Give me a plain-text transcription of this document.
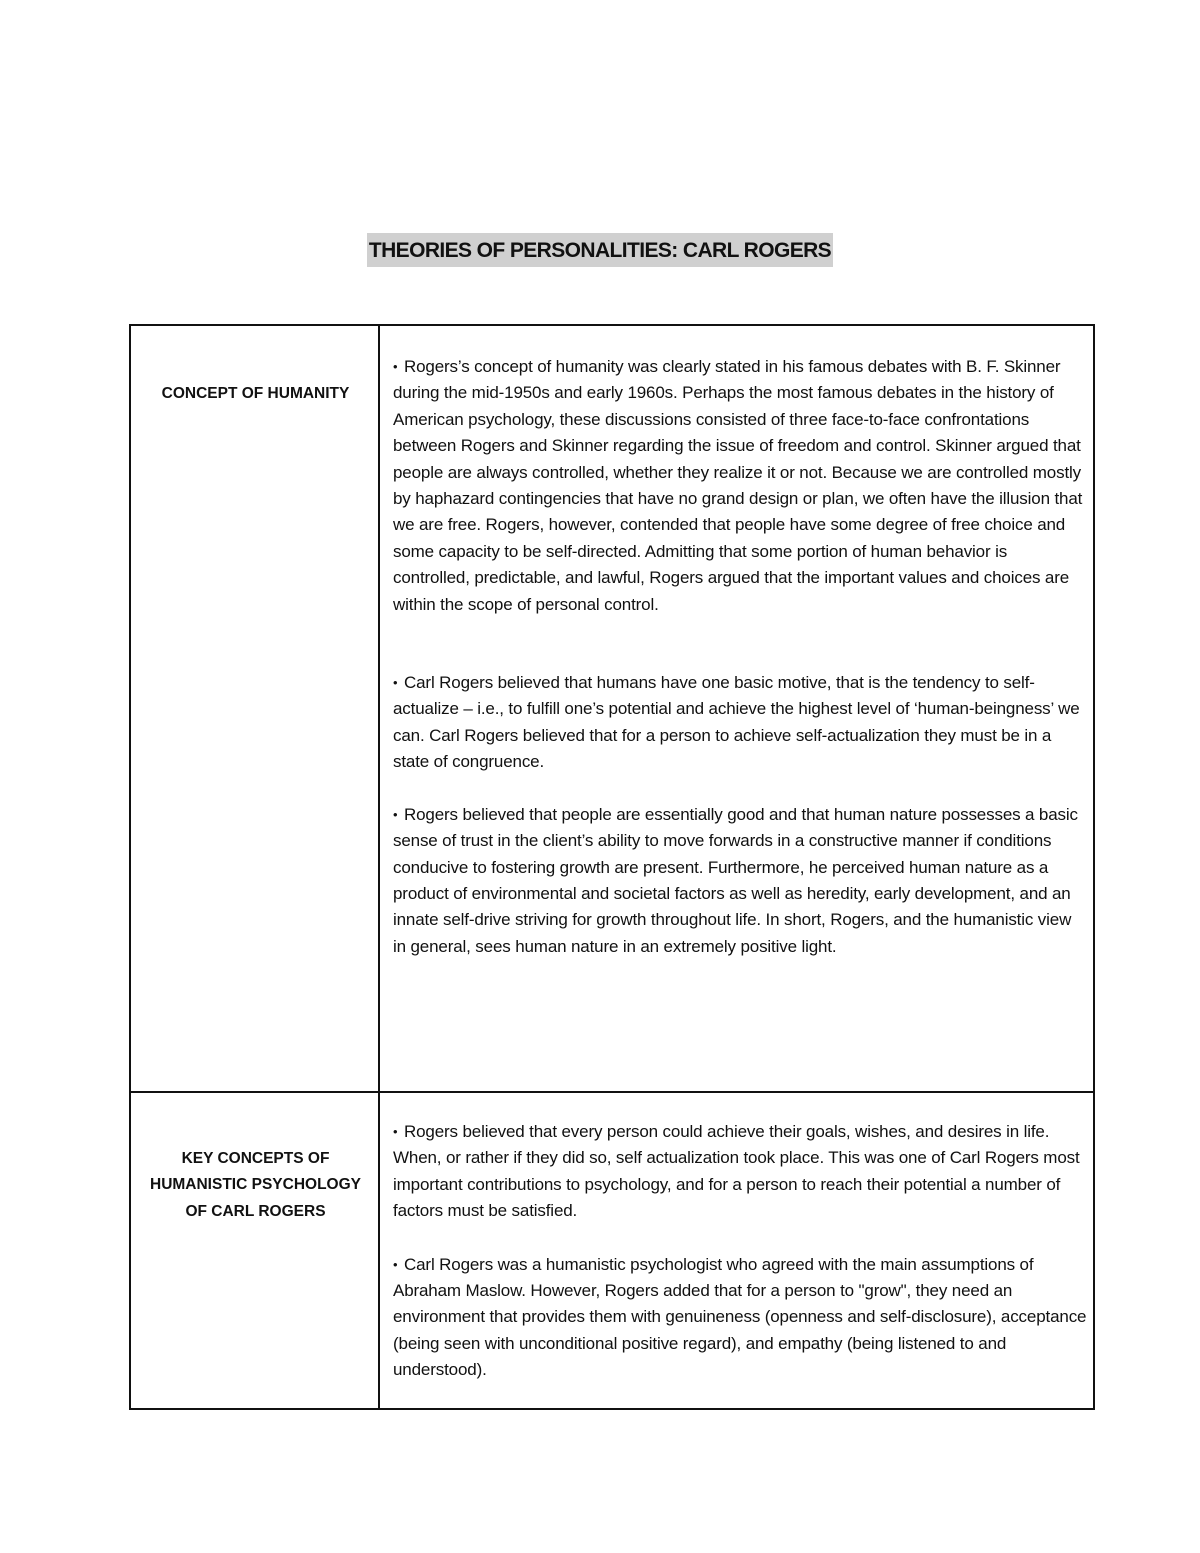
THEORIES OF PERSONALITIES: CARL ROGERS
CONCEPT OF HUMANITY

• Rogers’s concept of humanity was clearly stated in his famous debates with B. F. Skinner during the mid-1950s and early 1960s. Perhaps the most famous debates in the history of American psychology, these discussions consisted of three face-to-face confrontations between Rogers and Skinner regarding the issue of freedom and control. Skinner argued that people are always controlled, whether they realize it or not. Because we are controlled mostly by haphazard contingencies that have no grand design or plan, we often have the illusion that we are free. Rogers, however, contended that people have some degree of free choice and some capacity to be self-directed. Admitting that some portion of human behavior is controlled, predictable, and lawful, Rogers argued that the important values and choices are within the scope of personal control.

• Carl Rogers believed that humans have one basic motive, that is the tendency to self-actualize – i.e., to fulfill one’s potential and achieve the highest level of ‘human-beingness’ we can. Carl Rogers believed that for a person to achieve self-actualization they must be in a state of congruence.

• Rogers believed that people are essentially good and that human nature possesses a basic sense of trust in the client’s ability to move forwards in a constructive manner if conditions conducive to fostering growth are present. Furthermore, he perceived human nature as a product of environmental and societal factors as well as heredity, early development, and an innate self-drive striving for growth throughout life. In short, Rogers, and the humanistic view in general, sees human nature in an extremely positive light.

KEY CONCEPTS OF HUMANISTIC PSYCHOLOGY OF CARL ROGERS

• Rogers believed that every person could achieve their goals, wishes, and desires in life. When, or rather if they did so, self actualization took place. This was one of Carl Rogers most important contributions to psychology, and for a person to reach their potential a number of factors must be satisfied.

• Carl Rogers was a humanistic psychologist who agreed with the main assumptions of Abraham Maslow. However, Rogers added that for a person to "grow", they need an environment that provides them with genuineness (openness and self-disclosure), acceptance (being seen with unconditional positive regard), and empathy (being listened to and understood).
